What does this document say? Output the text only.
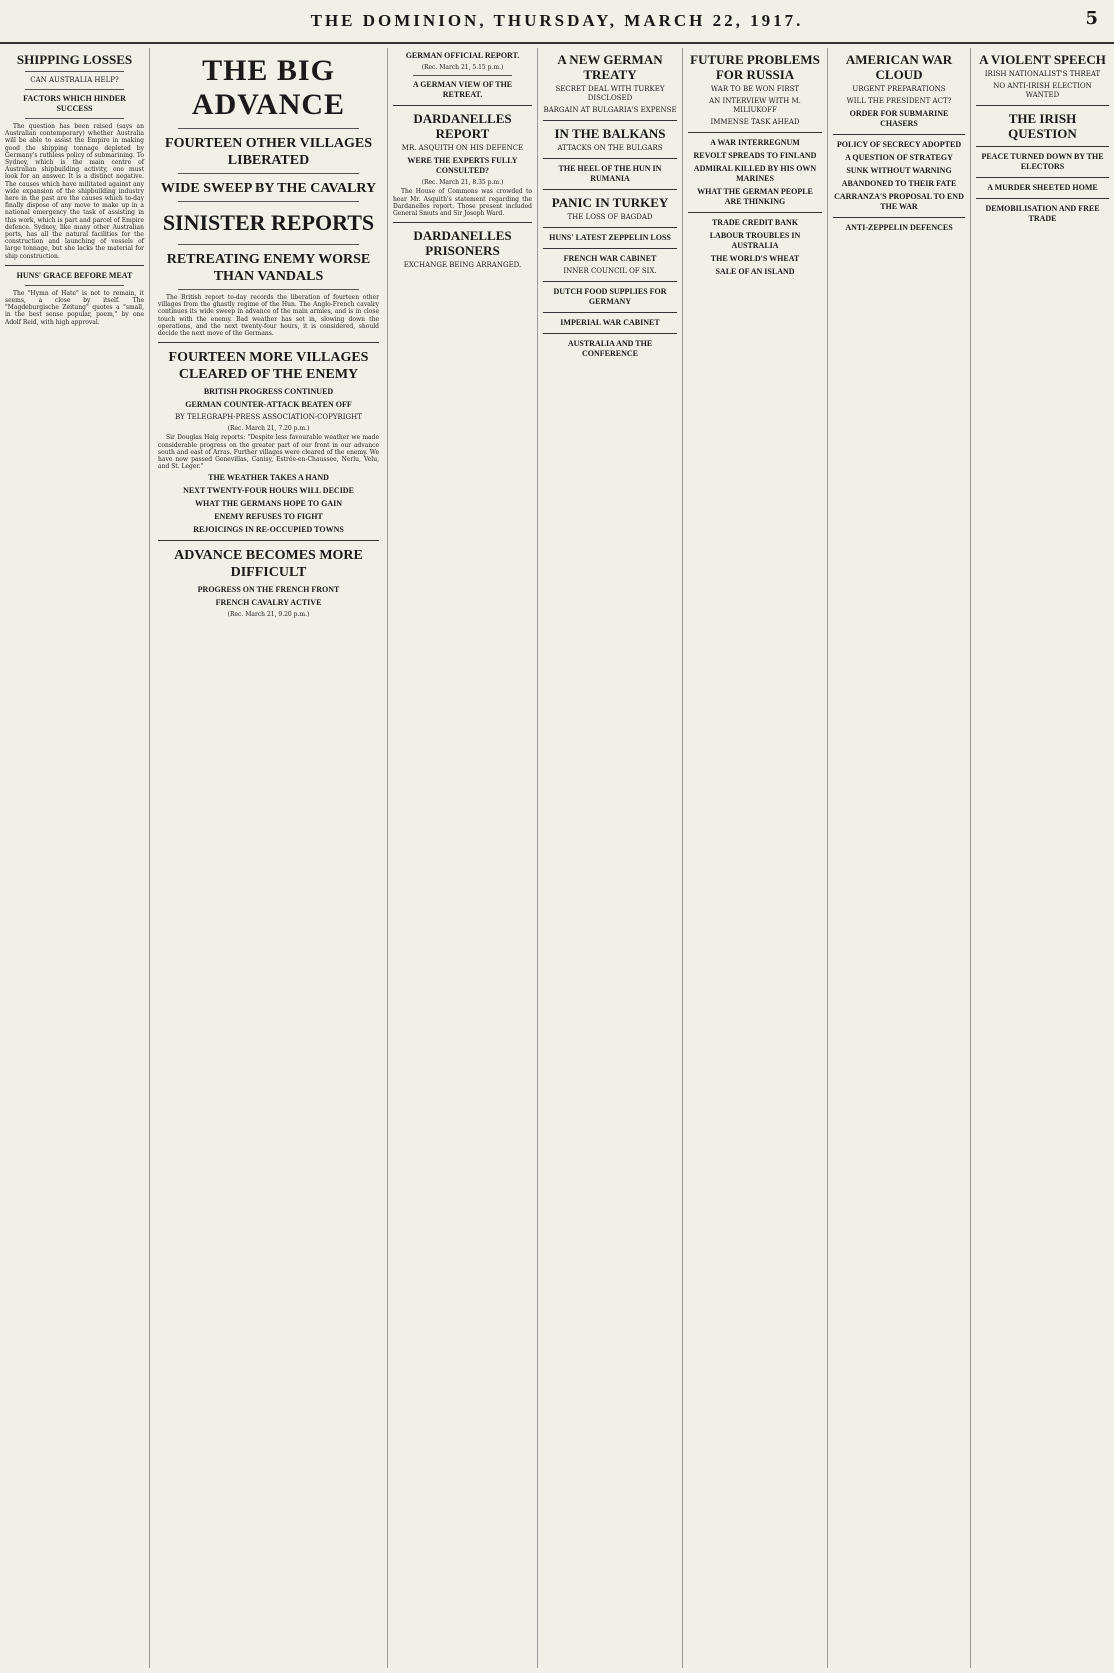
THE DOMINION, THURSDAY, MARCH 22, 1917.	5
SHIPPING LOSSES
CAN AUSTRALIA HELP?
FACTORS WHICH HINDER SUCCESS

The question has been raised (says an Australian contemporary) whether Australia will be able to assist the Empire in making good the shipping tonnage depleted by Germany's ruthless policy of submarining. To Sydney, which is the main centre of Australian shipbuilding activity, one must look for an answer. It is a distinct negative. The causes which have militated against any wide expansion of the shipbuilding industry here in the past are the causes which to-day finally dispose of any move to make up in a national emergency the task of assisting in this work, which is part and parcel of Empire defence. Sydney, like many other Australian ports, has all the natural facilities for the construction and launching of vessels of large tonnage, but she lacks the material for ship construction.

HUNS' GRACE BEFORE MEAT

The "Hymn of Hate" is not to remain, it seems, a close by itself. The "Magdeburgische Zeitung" quotes a "small, in the best sense popular, poem," by one Adolf Reid, with high approval.

THE BIG ADVANCE
FOURTEEN OTHER VILLAGES LIBERATED
WIDE SWEEP BY THE CAVALRY
SINISTER REPORTS
RETREATING ENEMY WORSE THAN VANDALS

The British report to-day records the liberation of fourteen other villages from the ghastly regime of the Hun. The Anglo-French cavalry continues its wide sweep in advance of the main armies, and is in close touch with the enemy. Bad weather has set in, slowing down the operations, and the next twenty-four hours, it is considered, should decide the next move of the Germans.

FOURTEEN MORE VILLAGES CLEARED OF THE ENEMY
BRITISH PROGRESS CONTINUED
GERMAN COUNTER-ATTACK BEATEN OFF
BY TELEGRAPH-PRESS ASSOCIATION-COPYRIGHT
(Rec. March 21, 7.20 p.m.)

Sir Douglas Haig reports: "Despite less favourable weather we made considerable progress on the greater part of our front in our advance south and east of Arras. Further villages were cleared of the enemy. We have now passed Genevillas, Canisy, Estrée-en-Chaussee, Nerlu, Velu, and St. Leger."

THE WEATHER TAKES A HAND
NEXT TWENTY-FOUR HOURS WILL DECIDE
WHAT THE GERMANS HOPE TO GAIN
ENEMY REFUSES TO FIGHT
REJOICINGS IN RE-OCCUPIED TOWNS
ADVANCE BECOMES MORE DIFFICULT
PROGRESS ON THE FRENCH FRONT
FRENCH CAVALRY ACTIVE
(Rec. March 21, 9.20 p.m.)
GERMAN OFFICIAL REPORT.
(Rec. March 21, 5.15 p.m.)
A GERMAN VIEW OF THE RETREAT.
DARDANELLES REPORT
MR. ASQUITH ON HIS DEFENCE
WERE THE EXPERTS FULLY CONSULTED?
(Rec. March 21, 8.35 p.m.)

The House of Commons was crowded to hear Mr. Asquith's statement regarding the Dardanelles report. Those present included General Smuts and Sir Joseph Ward.

DARDANELLES PRISONERS
EXCHANGE BEING ARRANGED.
A NEW GERMAN TREATY
SECRET DEAL WITH TURKEY DISCLOSED
BARGAIN AT BULGARIA'S EXPENSE
IN THE BALKANS
ATTACKS ON THE BULGARS
THE HEEL OF THE HUN IN RUMANIA
PANIC IN TURKEY
THE LOSS OF BAGDAD
HUNS' LATEST ZEPPELIN LOSS
FRENCH WAR CABINET
INNER COUNCIL OF SIX.
DUTCH FOOD SUPPLIES FOR GERMANY
IMPERIAL WAR CABINET
AUSTRALIA AND THE CONFERENCE
FUTURE PROBLEMS FOR RUSSIA
WAR TO BE WON FIRST
AN INTERVIEW WITH M. MILIUKOFF
IMMENSE TASK AHEAD
A WAR INTERREGNUM
REVOLT SPREADS TO FINLAND
ADMIRAL KILLED BY HIS OWN MARINES
WHAT THE GERMAN PEOPLE ARE THINKING
TRADE CREDIT BANK
LABOUR TROUBLES IN AUSTRALIA
THE WORLD'S WHEAT
SALE OF AN ISLAND
AMERICAN WAR CLOUD
URGENT PREPARATIONS
WILL THE PRESIDENT ACT?
ORDER FOR SUBMARINE CHASERS
POLICY OF SECRECY ADOPTED
A QUESTION OF STRATEGY
SUNK WITHOUT WARNING
ABANDONED TO THEIR FATE
CARRANZA'S PROPOSAL TO END THE WAR
ANTI-ZEPPELIN DEFENCES
A VIOLENT SPEECH
IRISH NATIONALIST'S THREAT
NO ANTI-IRISH ELECTION WANTED
THE IRISH QUESTION
PEACE TURNED DOWN BY THE ELECTORS
A MURDER SHEETED HOME
DEMOBILISATION AND FREE TRADE
